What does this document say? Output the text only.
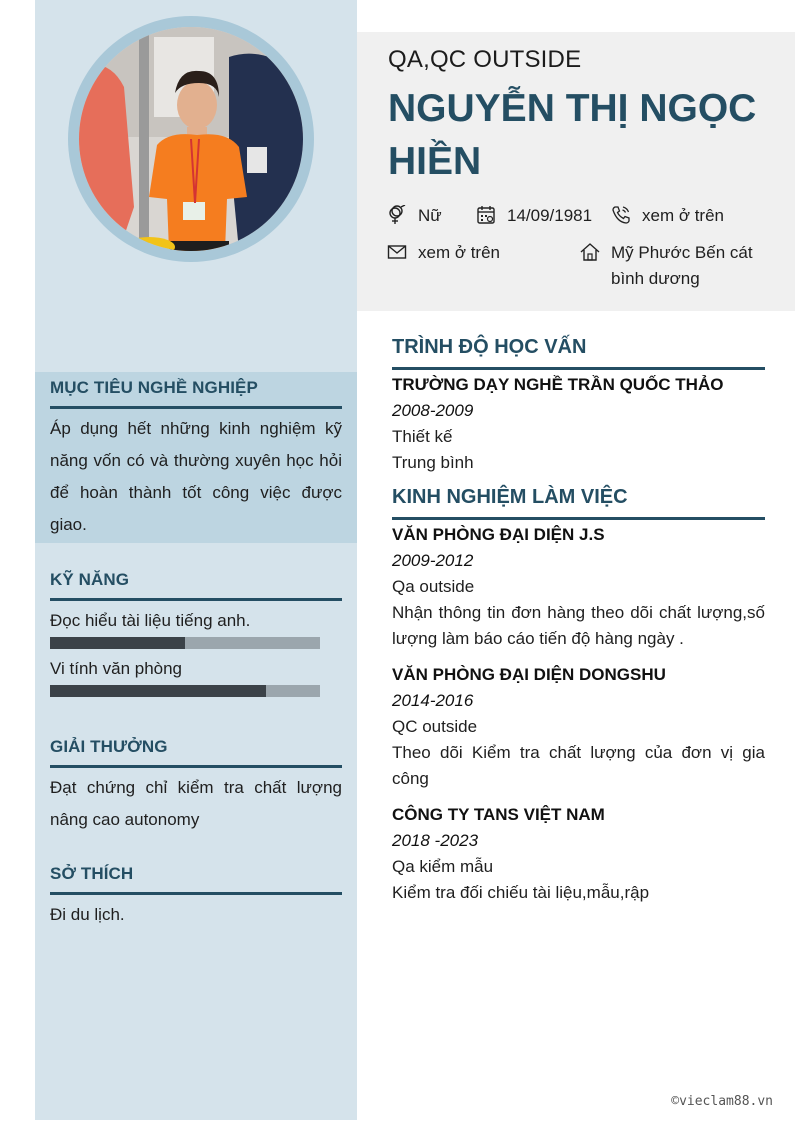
MỤC TIÊU NGHỀ NGHIỆP
Áp dụng hết những kinh nghiệm kỹ năng vốn có và thường xuyên học hỏi để hoàn thành tốt công việc được giao.
KỸ NĂNG
Đọc hiểu tài liệu tiếng anh.
Vi tính văn phòng
GIẢI THƯỞNG
Đạt chứng chỉ kiểm tra chất lượng nâng cao autonomy
SỞ THÍCH
Đi du lịch.
QA,QC OUTSIDE
NGUYỄN THỊ NGỌC HIỀN
Nữ	14/09/1981	xem ở trên
xem ở trên	Mỹ Phước Bến cát bình dương
TRÌNH ĐỘ HỌC VẤN
TRƯỜNG DẠY NGHỀ TRẦN QUỐC THẢO
2008-2009
Thiết kế
Trung bình
KINH NGHIỆM LÀM VIỆC
VĂN PHÒNG ĐẠI DIỆN J.S
2009-2012
Qa outside
Nhận thông tin đơn hàng theo dõi chất lượng,số lượng làm báo cáo tiến độ hàng ngày .
VĂN PHÒNG ĐẠI DIỆN DONGSHU
2014-2016
QC outside
Theo dõi Kiểm tra chất lượng của đơn vị gia công
CÔNG TY TANS VIỆT NAM
2018 -2023
Qa kiểm mẫu
Kiểm tra đối chiếu tài liệu,mẫu,rập
©vieclam88.vn
